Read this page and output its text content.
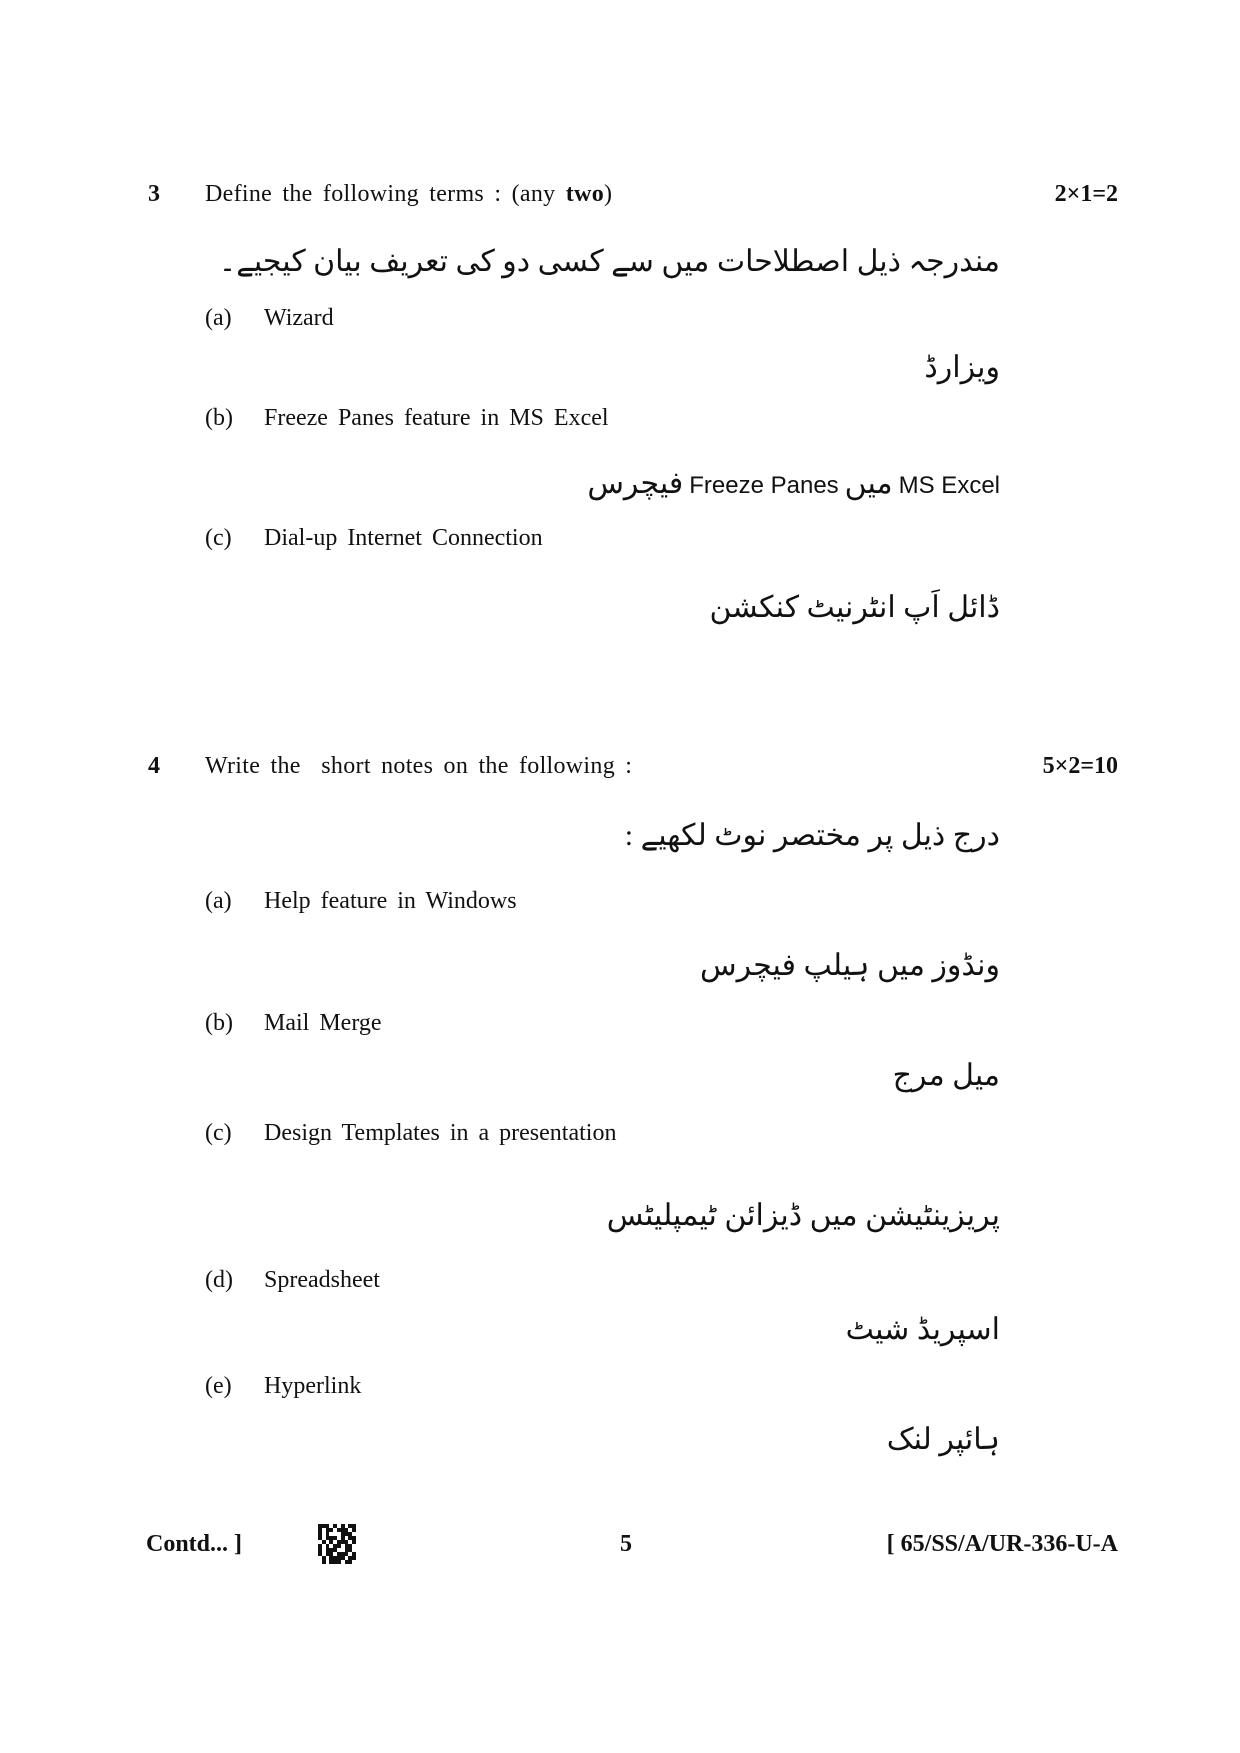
3 Define the following terms : (any two)	2×1=2
مندرجہ ذیل اصطلاحات میں سے کسی دو کی تعریف بیان کیجیے۔
(a) Wizard
ویزارڈ
(b) Freeze Panes feature in MS Excel
فیچرس Freeze Panes میں MS Excel
(c) Dial-up Internet Connection
ڈائل اَپ انٹرنیٹ کنکشن
4 Write the  short notes on the following :	5×2=10
درج ذیل پر مختصر نوٹ لکھیے :
(a) Help feature in Windows
ونڈوز میں ہیلپ فیچرس
(b) Mail Merge
میل مرج
(c) Design Templates in a presentation
پریزینٹیشن میں ڈیزائن ٹیمپلیٹس
(d) Spreadsheet
اسپریڈ شیٹ
(e) Hyperlink
ہائپر لنک
Contd... ]	5	[ 65/SS/A/UR-336-U-A
